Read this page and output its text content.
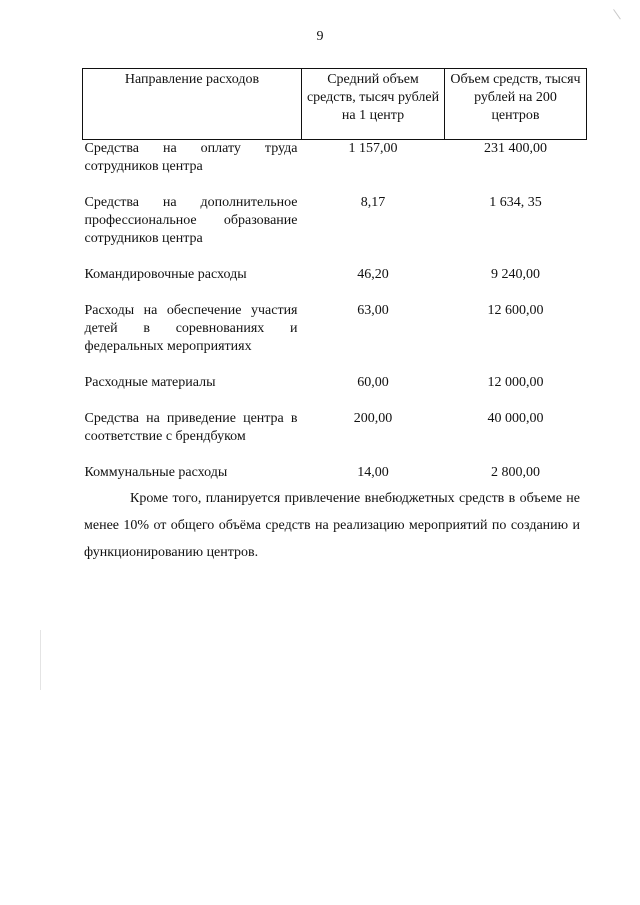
9
Направление расходов	Средний объем средств, тысяч рублей на 1 центр	Объем средств, тысяч рублей на 200 центров
Средства на оплату труда сотрудников центра	1 157,00	231 400,00
Средства на дополнительное профессиональное образование сотрудников центра	8,17	1 634, 35
Командировочные расходы	46,20	9 240,00
Расходы на обеспечение участия детей в соревнованиях и федеральных мероприятиях	63,00	12 600,00
Расходные материалы	60,00	12 000,00
Средства на приведение центра в соответствие с брендбуком	200,00	40 000,00
Коммунальные расходы	14,00	2 800,00

Кроме того, планируется привлечение внебюджетных средств в объеме не менее 10% от общего объёма средств на реализацию мероприятий по созданию и функционированию центров.
